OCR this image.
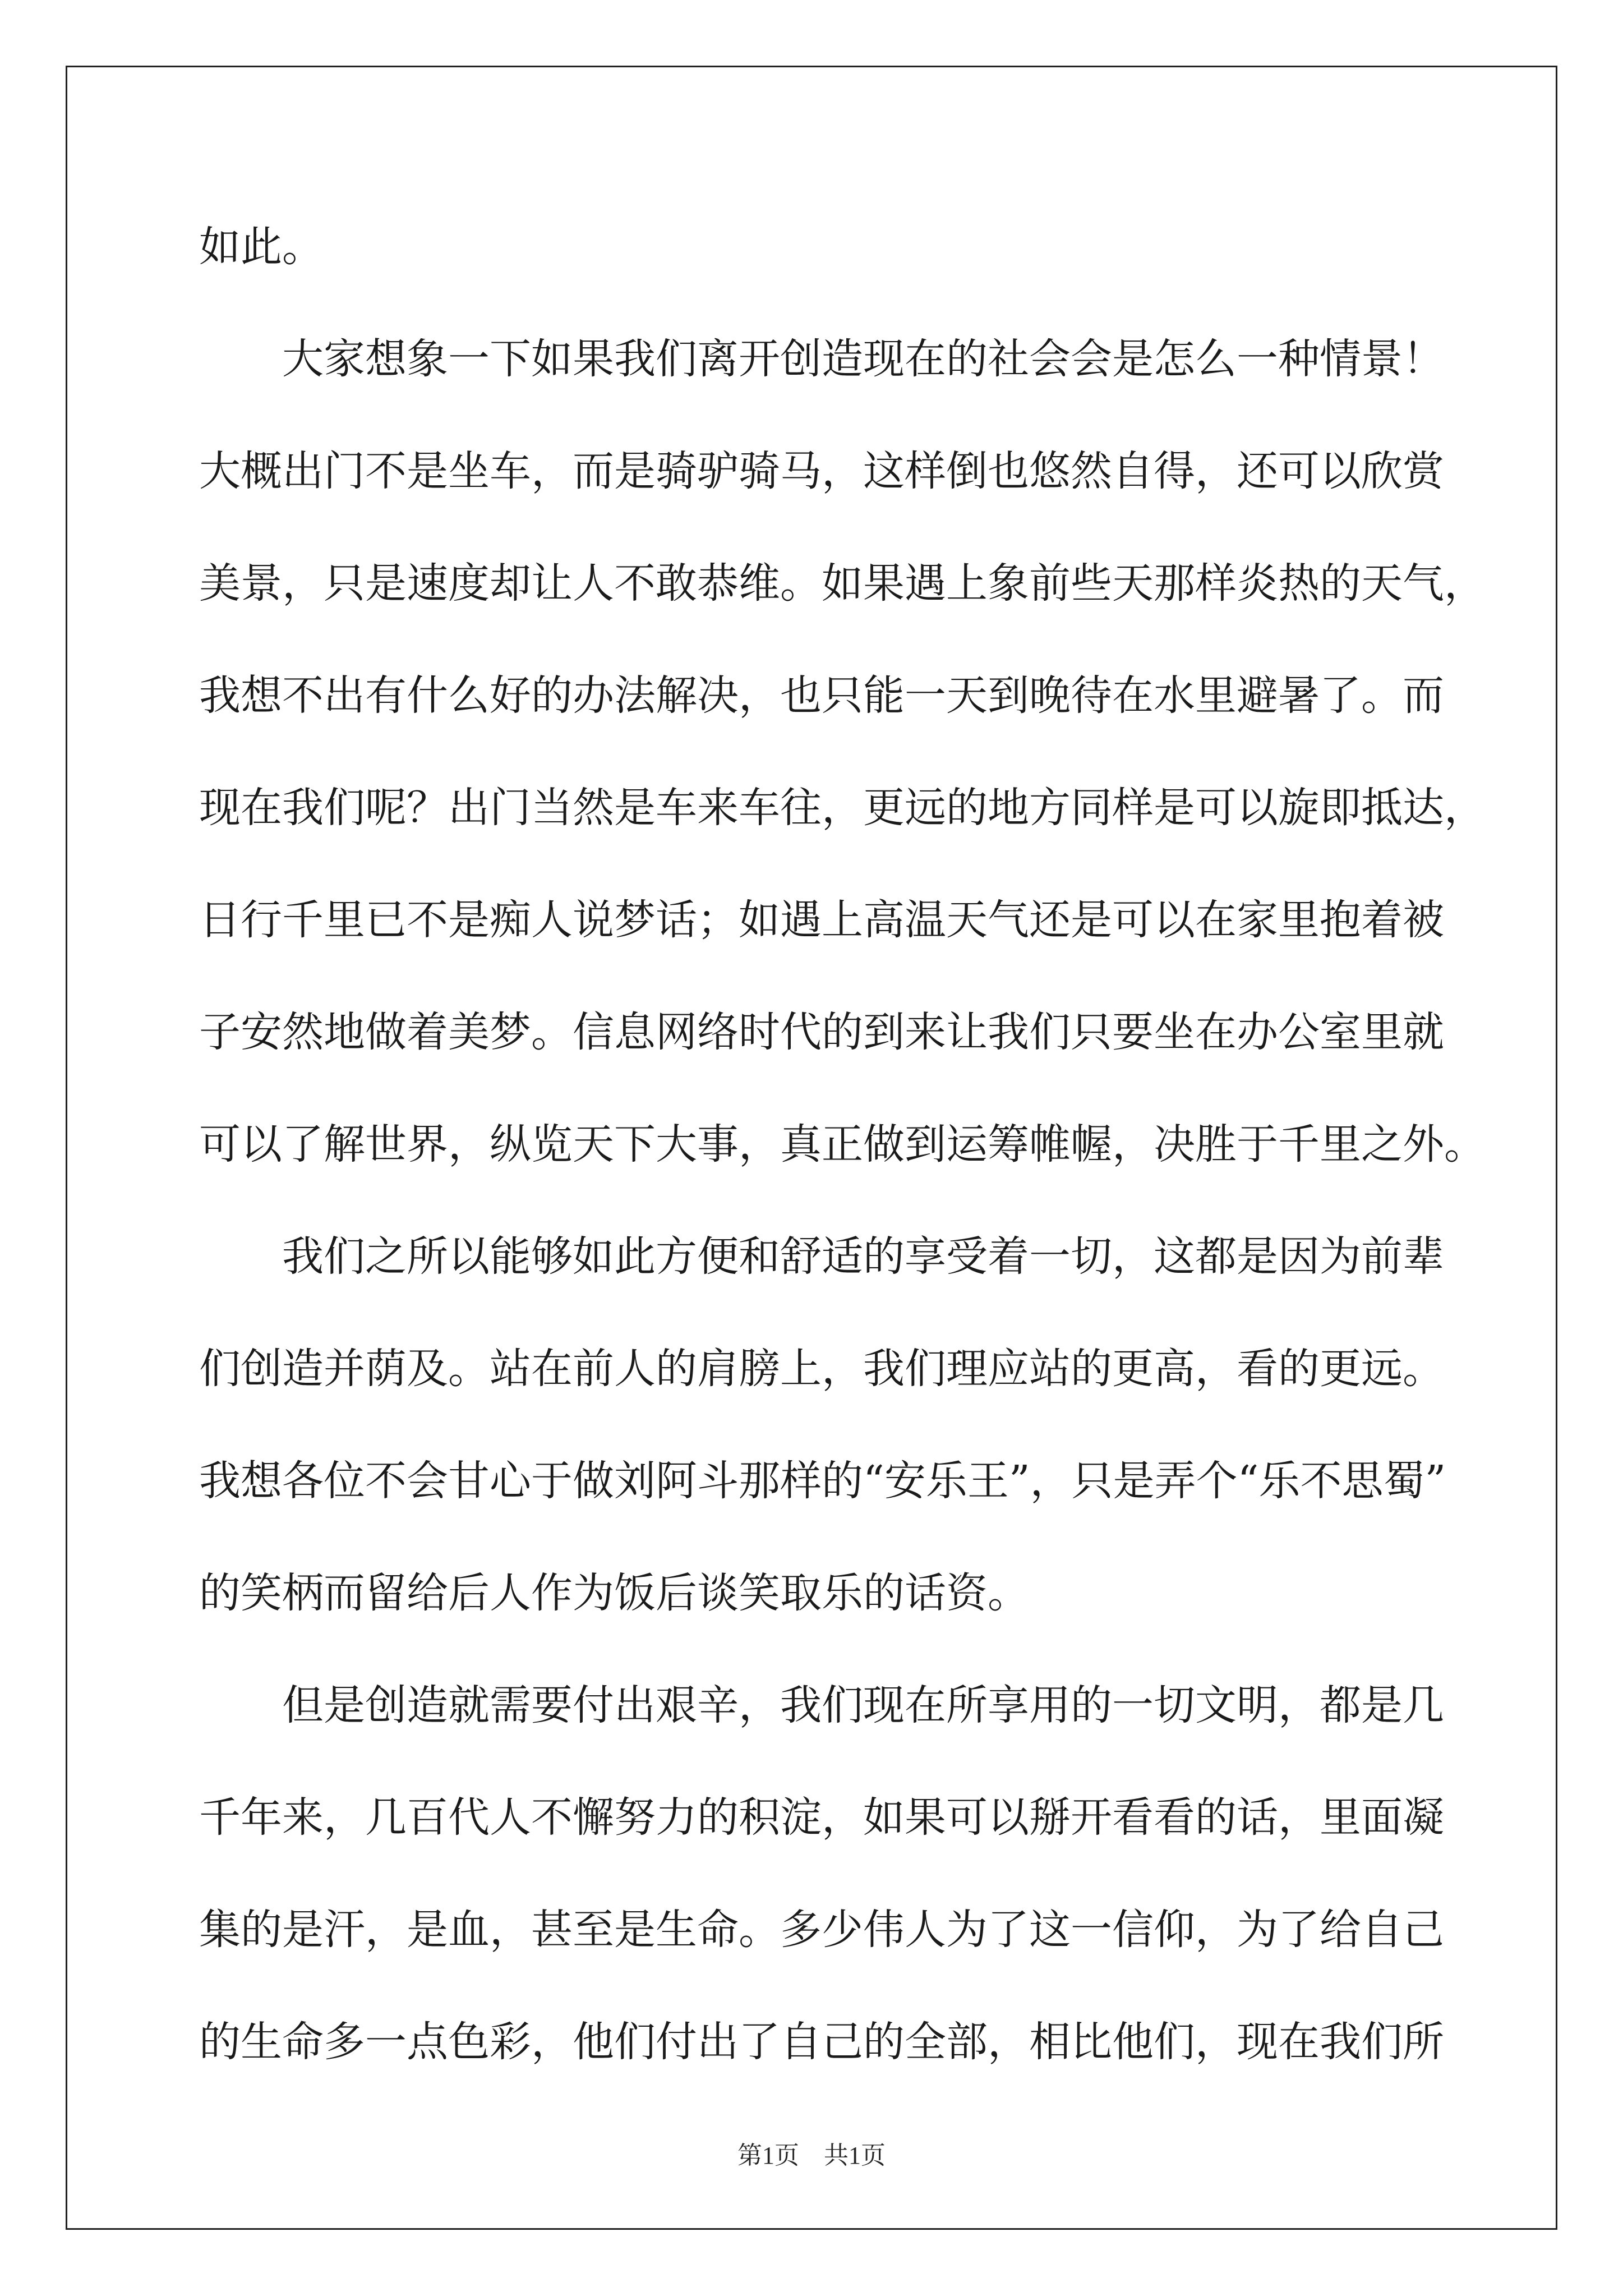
如此。
大家想象一下如果我们离开创造现在的社会会是怎么一种情景！
大概出门不是坐车，而是骑驴骑马，这样倒也悠然自得，还可以欣赏
美景，只是速度却让人不敢恭维。如果遇上象前些天那样炎热的天气，
我想不出有什么好的办法解决，也只能一天到晚待在水里避暑了。而
现在我们呢？出门当然是车来车往，更远的地方同样是可以旋即抵达，
日行千里已不是痴人说梦话；如遇上高温天气还是可以在家里抱着被
子安然地做着美梦。信息网络时代的到来让我们只要坐在办公室里就
可以了解世界，纵览天下大事，真正做到运筹帷幄，决胜于千里之外。
我们之所以能够如此方便和舒适的享受着一切，这都是因为前辈
们创造并荫及。站在前人的肩膀上，我们理应站的更高，看的更远。
我想各位不会甘心于做刘阿斗那样的“安乐王”，只是弄个“乐不思蜀”
的笑柄而留给后人作为饭后谈笑取乐的话资。
但是创造就需要付出艰辛，我们现在所享用的一切文明，都是几
千年来，几百代人不懈努力的积淀，如果可以掰开看看的话，里面凝
集的是汗，是血，甚至是生命。多少伟人为了这一信仰，为了给自己
的生命多一点色彩，他们付出了自己的全部，相比他们，现在我们所
第1页　共1页
